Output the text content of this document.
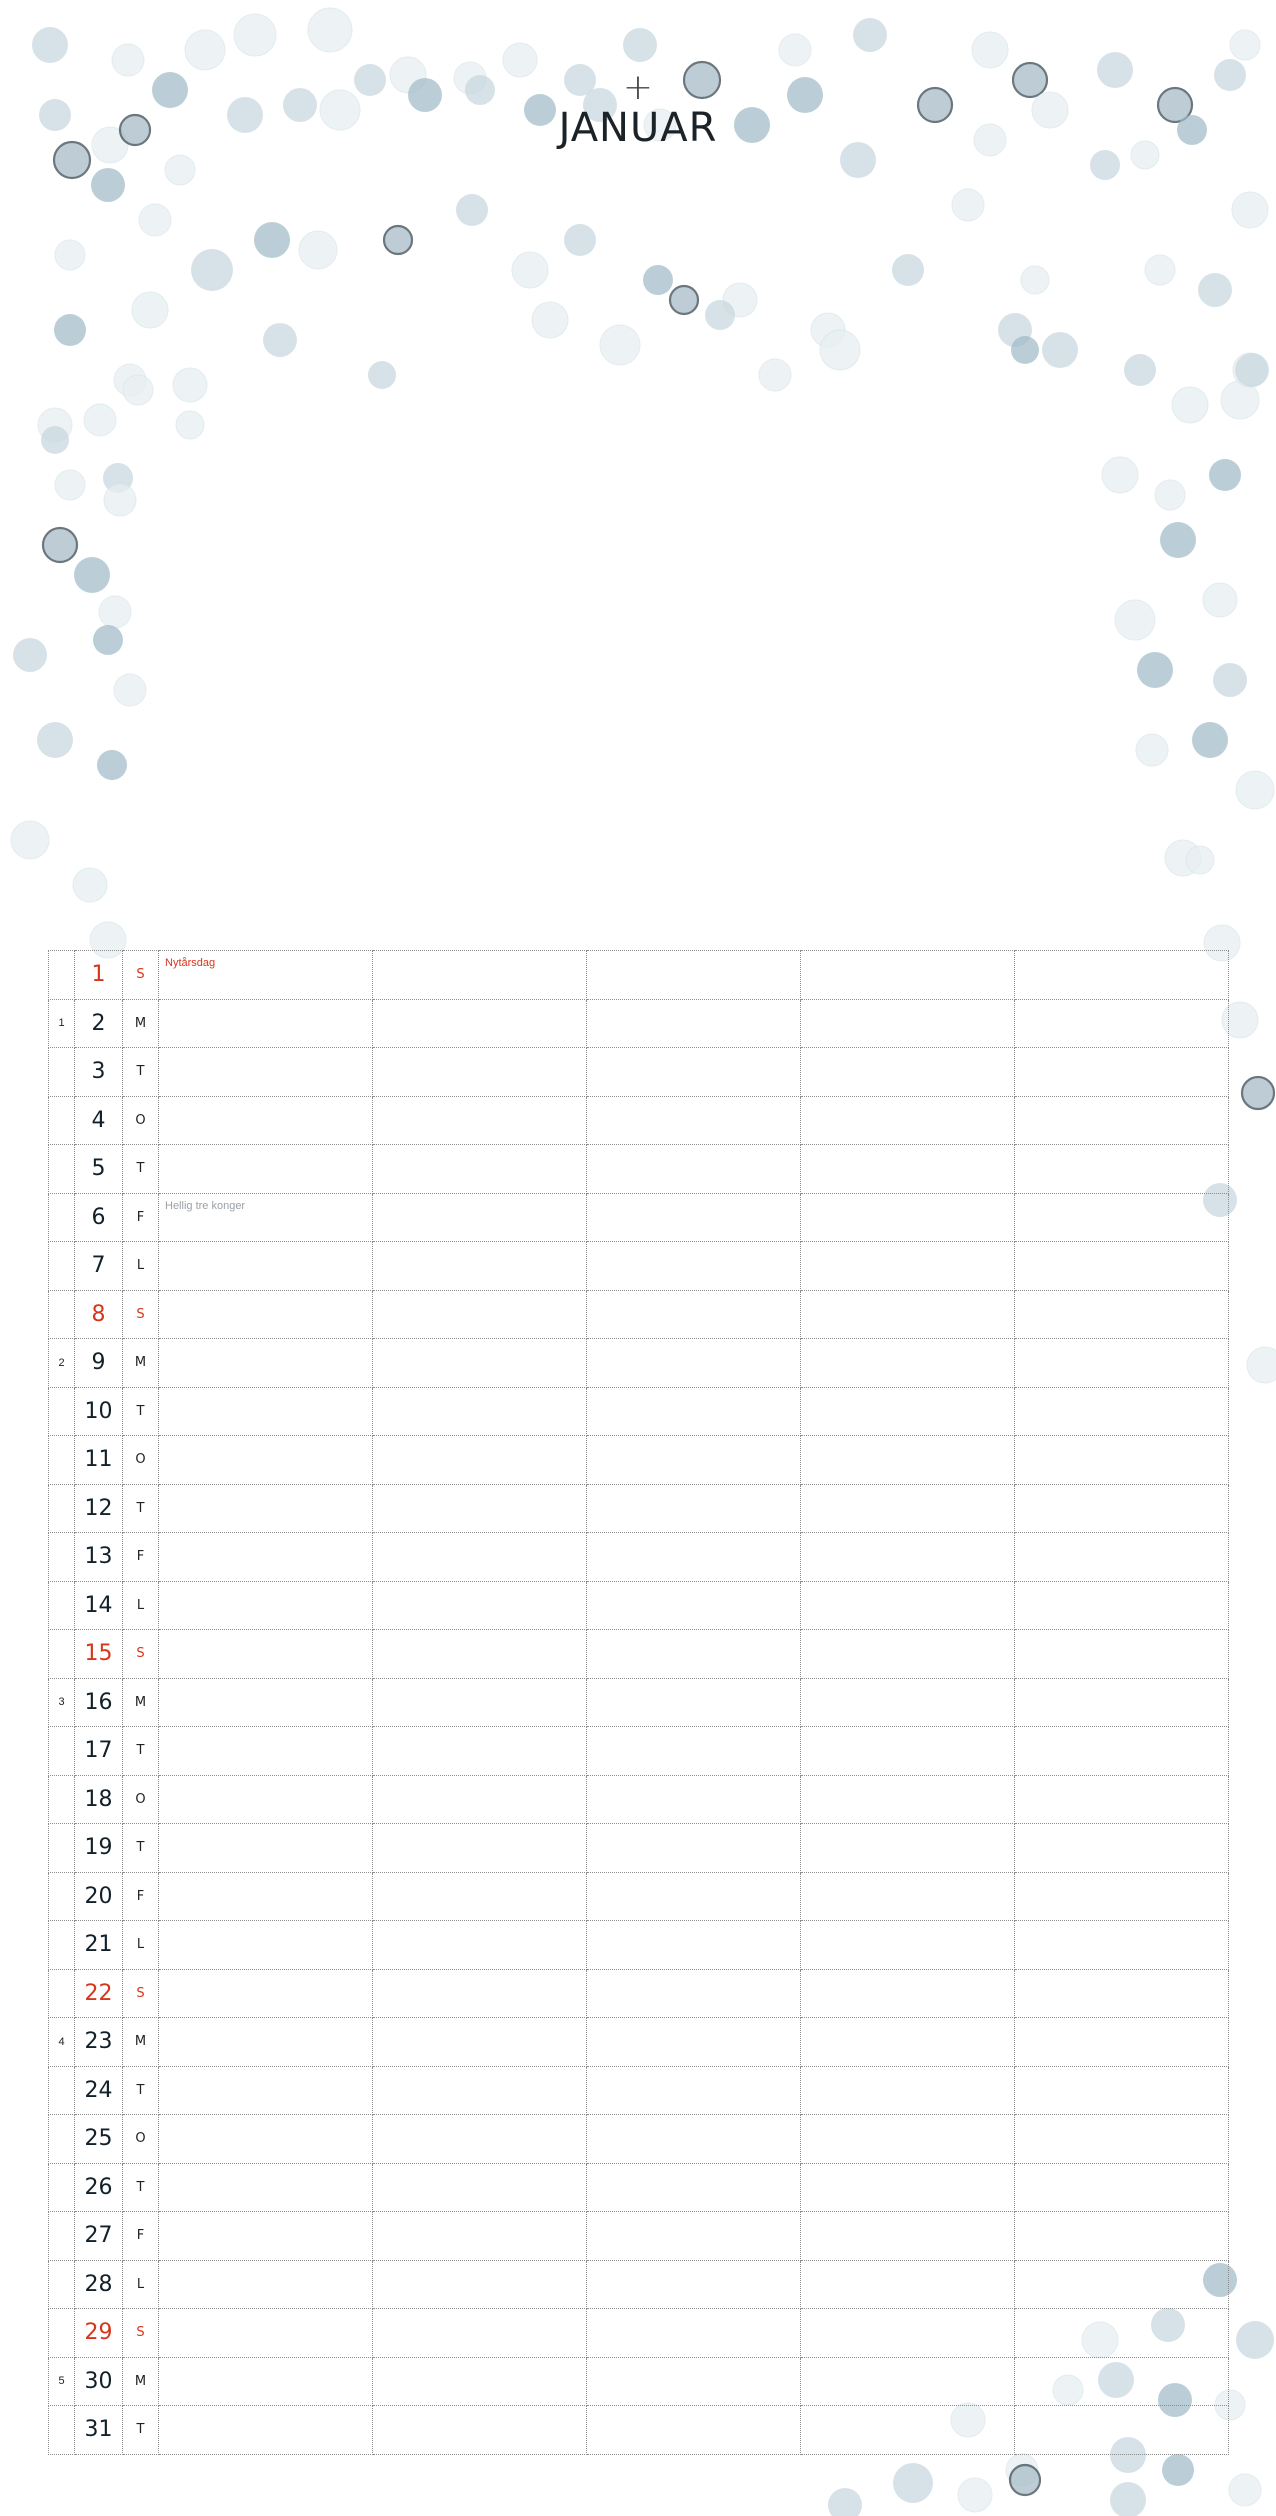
+
JANUAR
	1	S	Nytårsdag				

1	2	M					
	3	T					
	4	O					
	5	T					
	6	F	Hellig tre konger				

	7	L					
	8	S					
2	9	M					
	10	T					
	11	O					
	12	T					
	13	F					
	14	L					
	15	S					
3	16	M					
	17	T					
	18	O					
	19	T					
	20	F					
	21	L					
	22	S					
4	23	M					
	24	T					
	25	O					
	26	T					
	27	F					
	28	L					
	29	S					
5	30	M					
	31	T					
